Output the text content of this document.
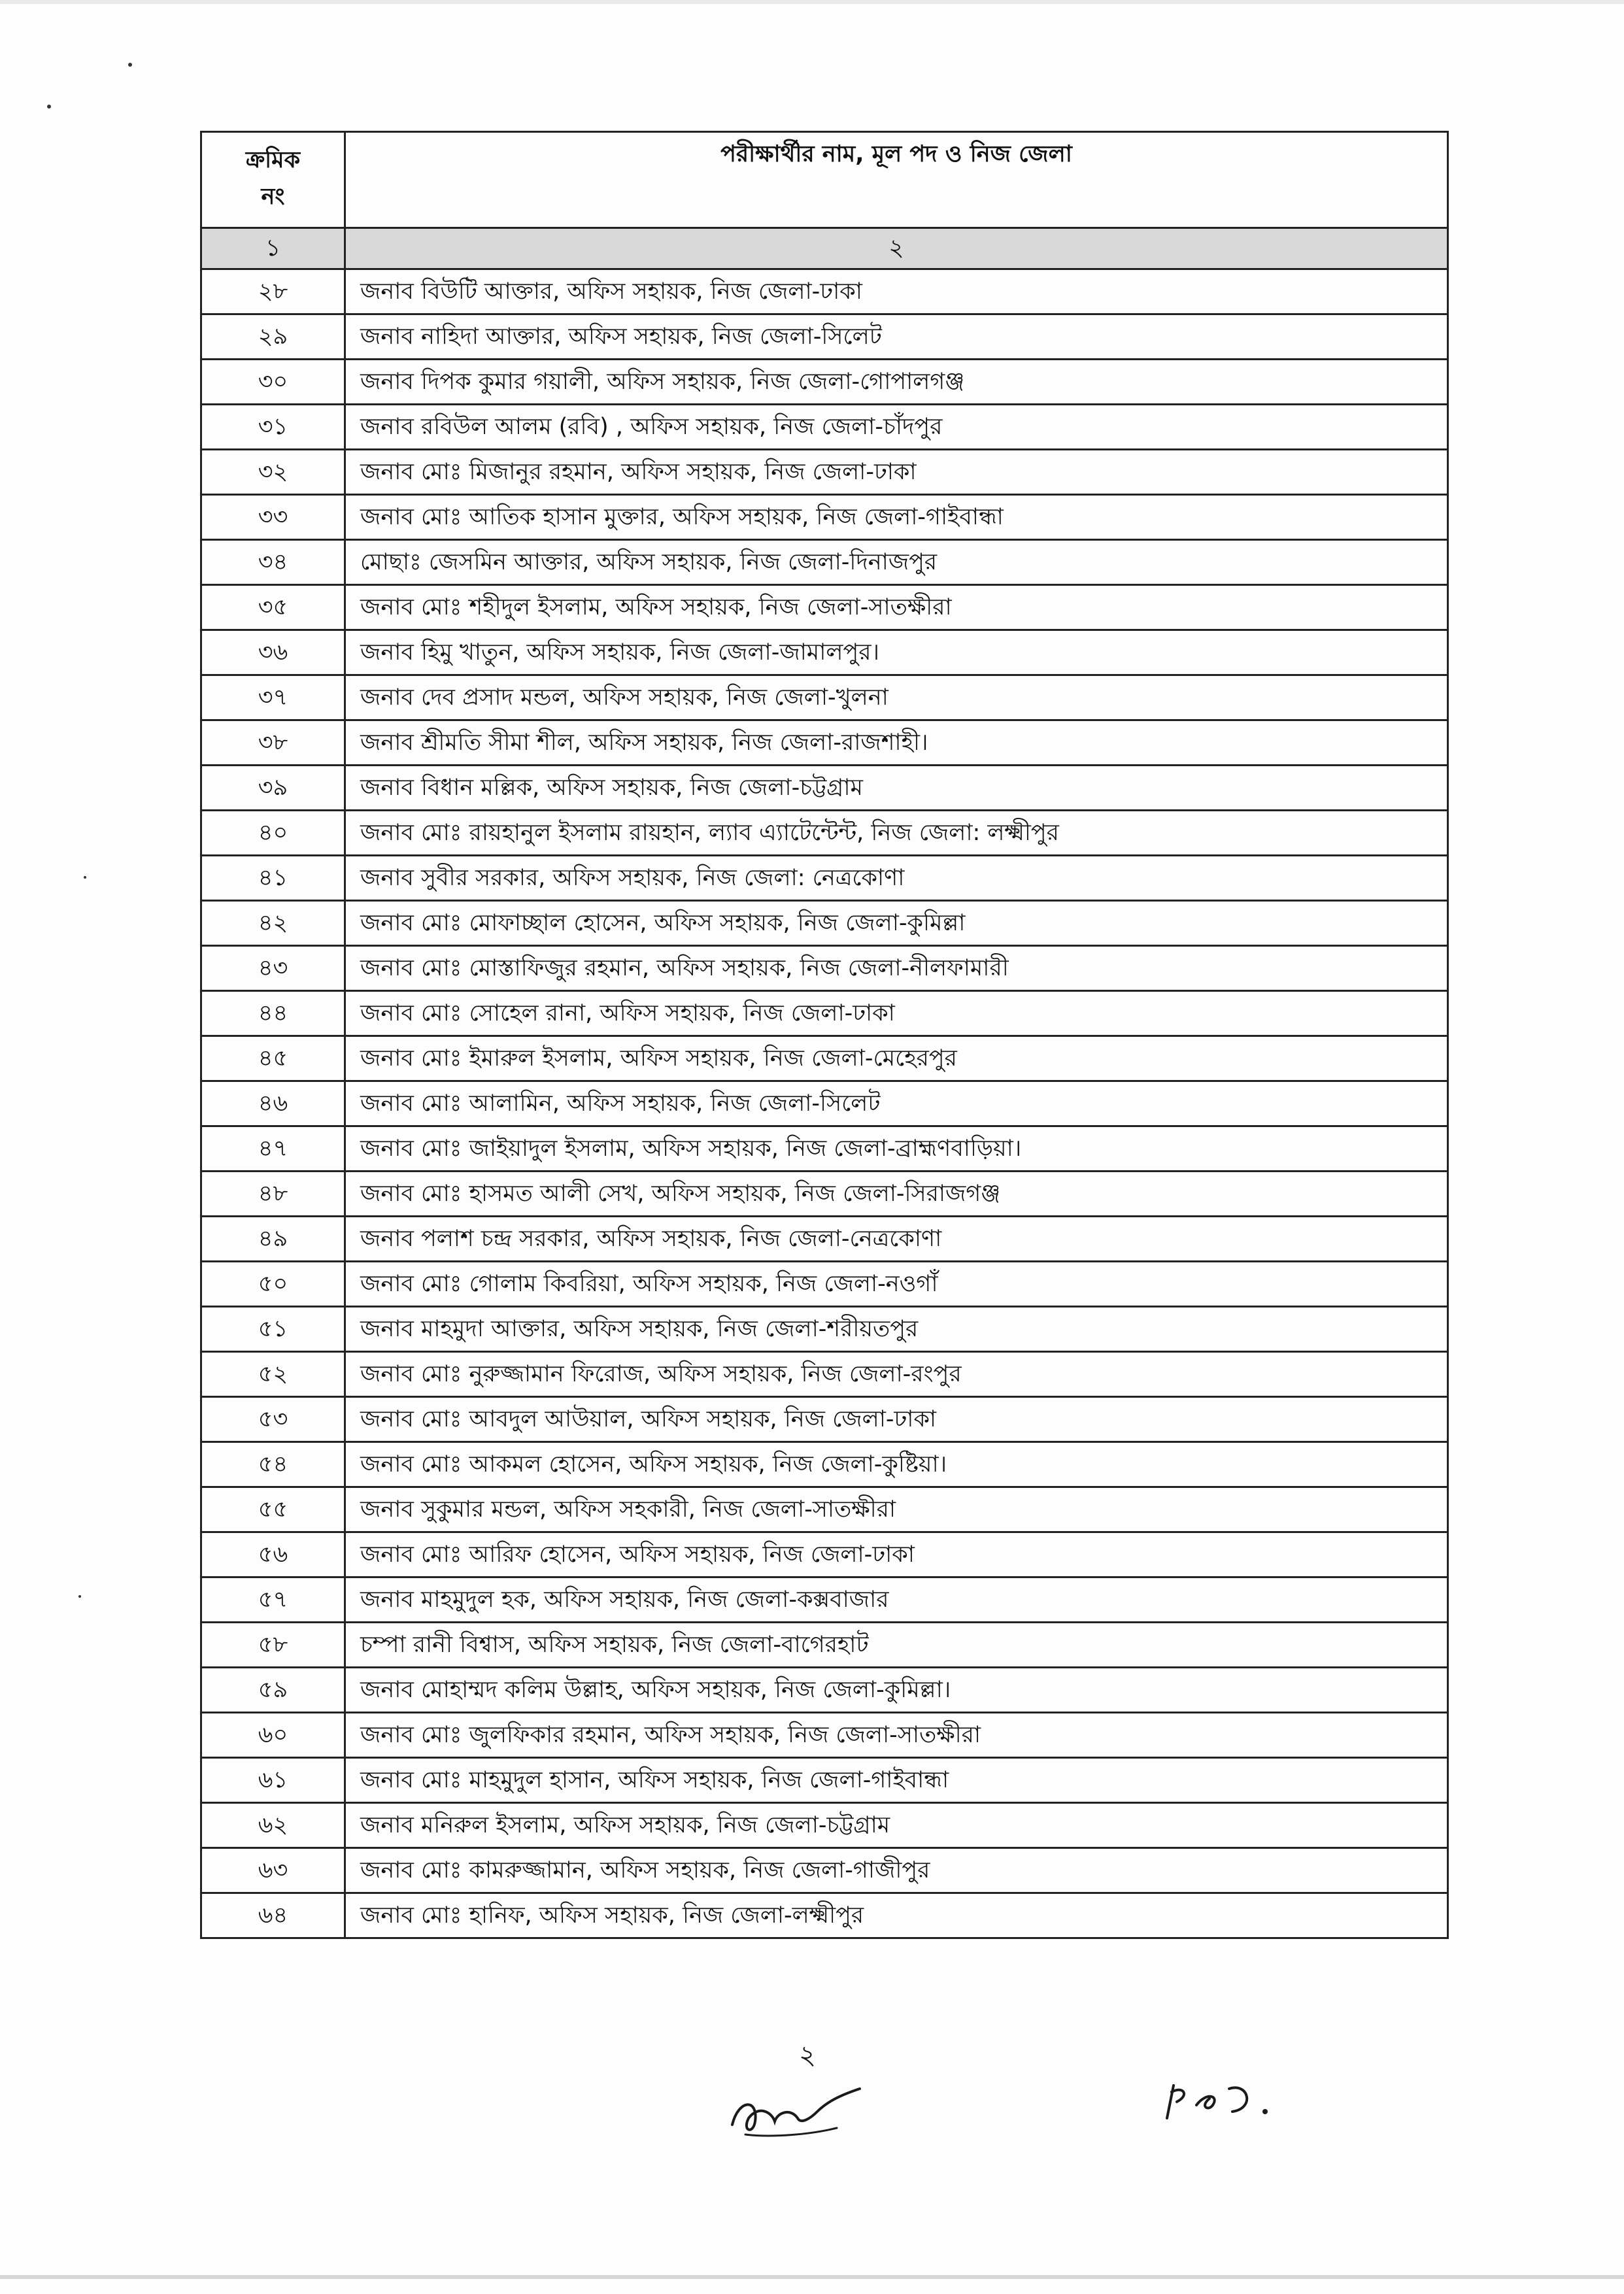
ক্রমিক
নং	পরীক্ষার্থীর নাম, মূল পদ ও নিজ জেলা
১	২
২৮	জনাব বিউটি আক্তার, অফিস সহায়ক, নিজ জেলা-ঢাকা
২৯	জনাব নাহিদা আক্তার, অফিস সহায়ক, নিজ জেলা-সিলেট
৩০	জনাব দিপক কুমার গয়ালী, অফিস সহায়ক, নিজ জেলা-গোপালগঞ্জ
৩১	জনাব রবিউল আলম (রবি) , অফিস সহায়ক, নিজ জেলা-চাঁদপুর
৩২	জনাব মোঃ মিজানুর রহমান, অফিস সহায়ক, নিজ জেলা-ঢাকা
৩৩	জনাব মোঃ আতিক হাসান মুক্তার, অফিস সহায়ক, নিজ জেলা-গাইবান্ধা
৩৪	মোছাঃ জেসমিন আক্তার, অফিস সহায়ক, নিজ জেলা-দিনাজপুর
৩৫	জনাব মোঃ শহীদুল ইসলাম, অফিস সহায়ক, নিজ জেলা-সাতক্ষীরা
৩৬	জনাব হিমু খাতুন, অফিস সহায়ক, নিজ জেলা-জামালপুর।
৩৭	জনাব দেব প্রসাদ মন্ডল, অফিস সহায়ক, নিজ জেলা-খুলনা
৩৮	জনাব শ্রীমতি সীমা শীল, অফিস সহায়ক, নিজ জেলা-রাজশাহী।
৩৯	জনাব বিধান মল্লিক, অফিস সহায়ক, নিজ জেলা-চট্টগ্রাম
৪০	জনাব মোঃ রায়হানুল ইসলাম রায়হান, ল্যাব এ্যাটেন্টেন্ট, নিজ জেলা: লক্ষ্মীপুর
৪১	জনাব সুবীর সরকার, অফিস সহায়ক, নিজ জেলা: নেত্রকোণা
৪২	জনাব মোঃ মোফাচ্ছাল হোসেন, অফিস সহায়ক, নিজ জেলা-কুমিল্লা
৪৩	জনাব মোঃ মোস্তাফিজুর রহমান, অফিস সহায়ক, নিজ জেলা-নীলফামারী
৪৪	জনাব মোঃ সোহেল রানা, অফিস সহায়ক, নিজ জেলা-ঢাকা
৪৫	জনাব মোঃ ইমারুল ইসলাম, অফিস সহায়ক, নিজ জেলা-মেহেরপুর
৪৬	জনাব মোঃ আলামিন, অফিস সহায়ক, নিজ জেলা-সিলেট
৪৭	জনাব মোঃ জাইয়াদুল ইসলাম, অফিস সহায়ক, নিজ জেলা-ব্রাহ্মণবাড়িয়া।
৪৮	জনাব মোঃ হাসমত আলী সেখ, অফিস সহায়ক, নিজ জেলা-সিরাজগঞ্জ
৪৯	জনাব পলাশ চন্দ্র সরকার, অফিস সহায়ক, নিজ জেলা-নেত্রকোণা
৫০	জনাব মোঃ গোলাম কিবরিয়া, অফিস সহায়ক, নিজ জেলা-নওগাঁ
৫১	জনাব মাহমুদা আক্তার, অফিস সহায়ক, নিজ জেলা-শরীয়তপুর
৫২	জনাব মোঃ নুরুজ্জামান ফিরোজ, অফিস সহায়ক, নিজ জেলা-রংপুর
৫৩	জনাব মোঃ আবদুল আউয়াল, অফিস সহায়ক, নিজ জেলা-ঢাকা
৫৪	জনাব মোঃ আকমল হোসেন, অফিস সহায়ক, নিজ জেলা-কুষ্টিয়া।
৫৫	জনাব সুকুমার মন্ডল, অফিস সহকারী, নিজ জেলা-সাতক্ষীরা
৫৬	জনাব মোঃ আরিফ হোসেন, অফিস সহায়ক, নিজ জেলা-ঢাকা
৫৭	জনাব মাহমুদুল হক, অফিস সহায়ক, নিজ জেলা-কক্সবাজার
৫৮	চম্পা রানী বিশ্বাস, অফিস সহায়ক, নিজ জেলা-বাগেরহাট
৫৯	জনাব মোহাম্মদ কলিম উল্লাহ, অফিস সহায়ক, নিজ জেলা-কুমিল্লা।
৬০	জনাব মোঃ জুলফিকার রহমান, অফিস সহায়ক, নিজ জেলা-সাতক্ষীরা
৬১	জনাব মোঃ মাহমুদুল হাসান, অফিস সহায়ক, নিজ জেলা-গাইবান্ধা
৬২	জনাব মনিরুল ইসলাম, অফিস সহায়ক, নিজ জেলা-চট্টগ্রাম
৬৩	জনাব মোঃ কামরুজ্জামান, অফিস সহায়ক, নিজ জেলা-গাজীপুর
৬৪	জনাব মোঃ হানিফ, অফিস সহায়ক, নিজ জেলা-লক্ষ্মীপুর
২
